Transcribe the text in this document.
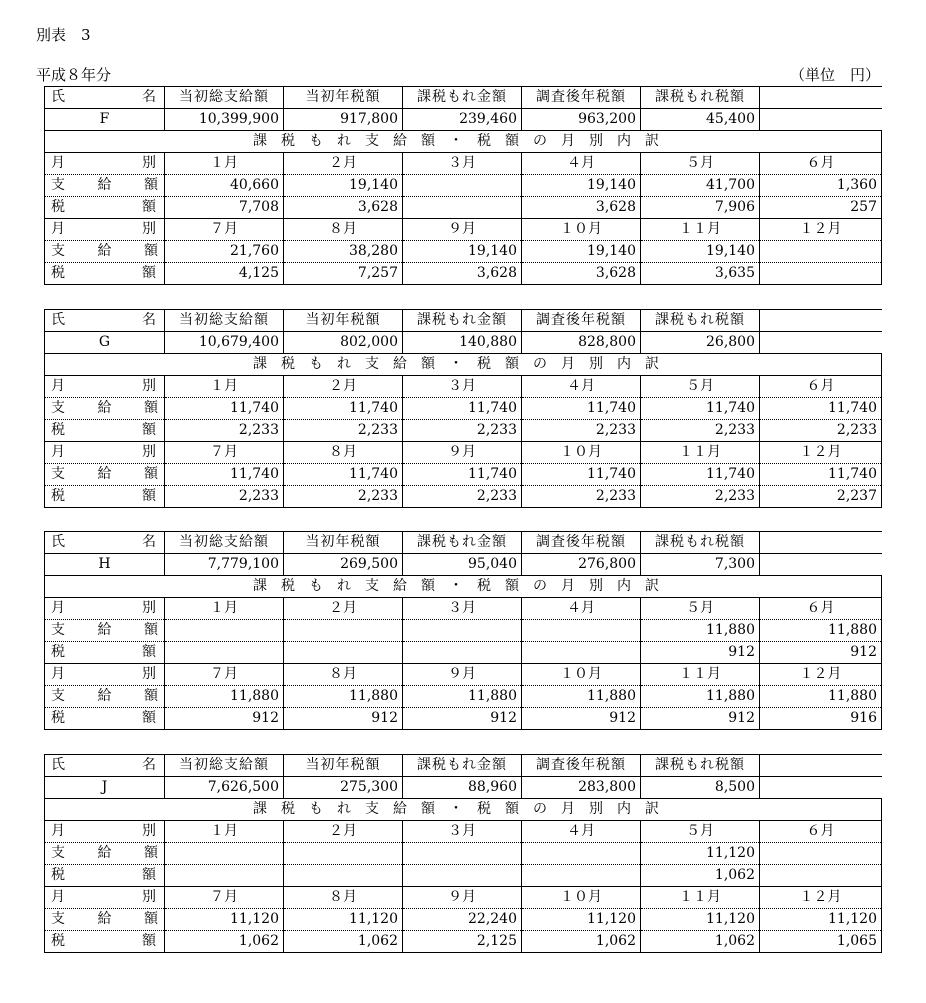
別表　3
平成８年分	（単位　円）
氏 名	当初総支給額	当初年税額	課税もれ金額	調査後年税額	課税もれ税額	
F	10,399,900	917,800	239,460	963,200	45,400	
課税もれ支給額・税額の月別内訳						

月 別	１月	２月	３月	４月	５月	６月

支 給 額	40,660	19,140		19,140	41,700	1,360

税 額	7,708	3,628		3,628	7,906	257

月 別	７月	８月	９月	１０月	１１月	１２月

支 給 額	21,760	38,280	19,140	19,140	19,140	

税 額	4,125	7,257	3,628	3,628	3,635	
氏 名	当初総支給額	当初年税額	課税もれ金額	調査後年税額	課税もれ税額	
G	10,679,400	802,000	140,880	828,800	26,800	
課税もれ支給額・税額の月別内訳						

月 別	１月	２月	３月	４月	５月	６月

支 給 額	11,740	11,740	11,740	11,740	11,740	11,740

税 額	2,233	2,233	2,233	2,233	2,233	2,233

月 別	７月	８月	９月	１０月	１１月	１２月

支 給 額	11,740	11,740	11,740	11,740	11,740	11,740

税 額	2,233	2,233	2,233	2,233	2,233	2,237
氏 名	当初総支給額	当初年税額	課税もれ金額	調査後年税額	課税もれ税額	
H	7,779,100	269,500	95,040	276,800	7,300	
課税もれ支給額・税額の月別内訳						

月 別	１月	２月	３月	４月	５月	６月

支 給 額					11,880	11,880

税 額					912	912

月 別	７月	８月	９月	１０月	１１月	１２月

支 給 額	11,880	11,880	11,880	11,880	11,880	11,880

税 額	912	912	912	912	912	916
氏 名	当初総支給額	当初年税額	課税もれ金額	調査後年税額	課税もれ税額	
J	7,626,500	275,300	88,960	283,800	8,500	
課税もれ支給額・税額の月別内訳						

月 別	１月	２月	３月	４月	５月	６月

支 給 額					11,120	

税 額					1,062	

月 別	７月	８月	９月	１０月	１１月	１２月

支 給 額	11,120	11,120	22,240	11,120	11,120	11,120

税 額	1,062	1,062	2,125	1,062	1,062	1,065
